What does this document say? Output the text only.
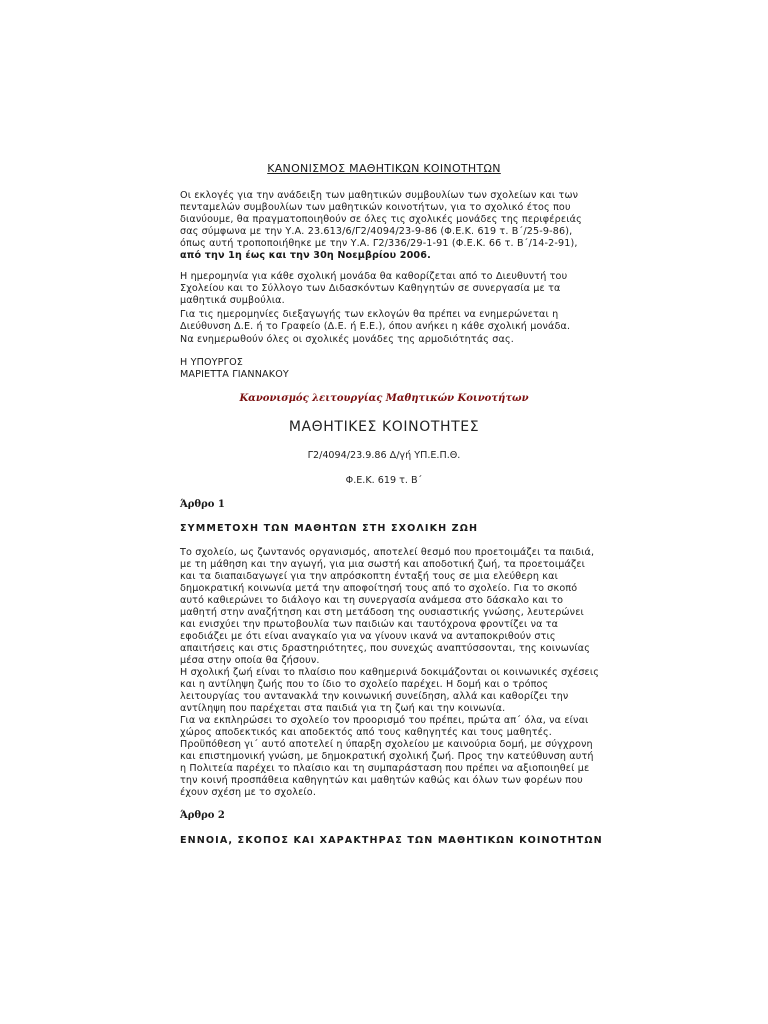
ΚΑΝΟΝΙΣΜΟΣ ΜΑΘΗΤΙΚΩΝ ΚΟΙΝΟΤΗΤΩΝ

Οι εκλογές για την ανάδειξη των μαθητικών συμβουλίων των σχολείων και των

πενταμελών συμβουλίων των μαθητικών κοινοτήτων, για το σχολικό έτος που

διανύουμε, θα πραγματοποιηθούν σε όλες τις σχολικές μονάδες της περιφέρειάς

σας σύμφωνα με την Υ.Α. 23.613/6/Γ2/4094/23-9-86 (Φ.Ε.Κ. 619 τ. Β΄/25-9-86),

όπως αυτή τροποποιήθηκε με την Υ.Α. Γ2/336/29-1-91 (Φ.Ε.Κ. 66 τ. Β΄/14-2-91),

από την 1η έως και την 30η Νοεμβρίου 2006.

Η ημερομηνία για κάθε σχολική μονάδα θα καθορίζεται από το Διευθυντή του

Σχολείου και το Σύλλογο των Διδασκόντων Καθηγητών σε συνεργασία με τα

μαθητικά συμβούλια.

Για τις ημερομηνίες διεξαγωγής των εκλογών θα πρέπει να ενημερώνεται η

Διεύθυνση Δ.Ε. ή το Γραφείο (Δ.Ε. ή Ε.Ε.), όπου ανήκει η κάθε σχολική μονάδα.

Να ενημερωθούν όλες οι σχολικές μονάδες της αρμοδιότητάς σας.

Η ΥΠΟΥΡΓΟΣ

ΜΑΡΙΕΤΤΑ ΓΙΑΝΝΑΚΟΥ

Κανονισμός λειτουργίας Μαθητικών Κοινοτήτων

ΜΑΘΗΤΙΚΕΣ ΚΟΙΝΟΤΗΤΕΣ

Γ2/4094/23.9.86 Δ/γή ΥΠ.Ε.Π.Θ.

Φ.Ε.Κ. 619 τ. Β΄

Άρθρο 1

ΣΥΜΜΕΤΟΧΗ ΤΩΝ ΜΑΘΗΤΩΝ ΣΤΗ ΣΧΟΛΙΚΗ ΖΩΗ

Το σχολείο, ως ζωντανός οργανισμός, αποτελεί θεσμό που προετοιμάζει τα παιδιά,

με τη μάθηση και την αγωγή, για μια σωστή και αποδοτική ζωή, τα προετοιμάζει

και τα διαπαιδαγωγεί για την απρόσκοπτη ένταξή τους σε μια ελεύθερη και

δημοκρατική κοινωνία μετά την αποφοίτησή τους από το σχολείο. Για το σκοπό

αυτό καθιερώνει το διάλογο και τη συνεργασία ανάμεσα στο δάσκαλο και το

μαθητή στην αναζήτηση και στη μετάδοση της ουσιαστικής γνώσης, λευτερώνει

και ενισχύει την πρωτοβουλία των παιδιών και ταυτόχρονα φροντίζει να τα

εφοδιάζει με ότι είναι αναγκαίο για να γίνουν ικανά να ανταποκριθούν στις

απαιτήσεις και στις δραστηριότητες, που συνεχώς αναπτύσσονται, της κοινωνίας

μέσα στην οποία θα ζήσουν.

Η σχολική ζωή είναι το πλαίσιο που καθημερινά δοκιμάζονται οι κοινωνικές σχέσεις

και η αντίληψη ζωής που το ίδιο το σχολείο παρέχει. Η δομή και ο τρόπος

λειτουργίας του αντανακλά την κοινωνική συνείδηση, αλλά και καθορίζει την

αντίληψη που παρέχεται στα παιδιά για τη ζωή και την κοινωνία.

Για να εκπληρώσει το σχολείο τον προορισμό του πρέπει, πρώτα απ΄ όλα, να είναι

χώρος αποδεκτικός και αποδεκτός από τους καθηγητές και τους μαθητές.

Προϋπόθεση γι΄ αυτό αποτελεί η ύπαρξη σχολείου με καινούρια δομή, με σύγχρονη

και επιστημονική γνώση, με δημοκρατική σχολική ζωή. Προς την κατεύθυνση αυτή

η Πολιτεία παρέχει το πλαίσιο και τη συμπαράσταση που πρέπει να αξιοποιηθεί με

την κοινή προσπάθεια καθηγητών και μαθητών καθώς και όλων των φορέων που

έχουν σχέση με το σχολείο.

Άρθρο 2

ΕΝΝΟΙΑ, ΣΚΟΠΟΣ ΚΑΙ ΧΑΡΑΚΤΗΡΑΣ ΤΩΝ ΜΑΘΗΤΙΚΩΝ ΚΟΙΝΟΤΗΤΩΝ
